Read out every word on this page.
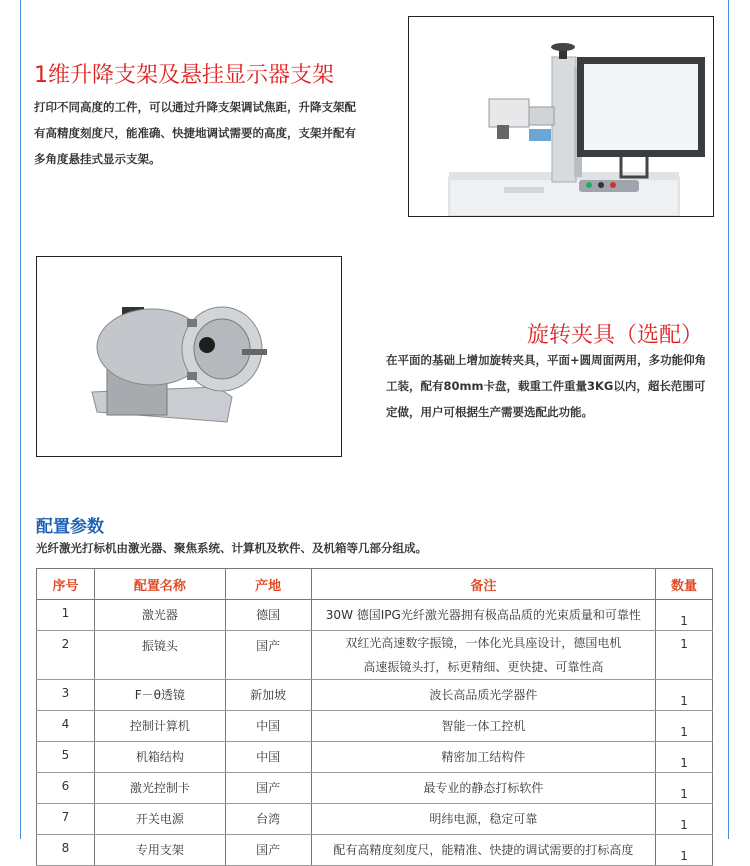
1维升降支架及悬挂显示器支架
打印不同高度的工件，可以通过升降支架调试焦距，升降支架配有高精度刻度尺，能准确、快捷地调试需要的高度，支架并配有多角度悬挂式显示支架。
旋转夹具（选配）
在平面的基础上增加旋转夹具，平面+圆周面两用，多功能仰角工装，配有80mm卡盘，载重工件重量3KG以内，超长范围可定做，用户可根据生产需要选配此功能。
配置参数
光纤激光打标机由激光器、聚焦系统、计算机及软件、及机箱等几部分组成。
序号	配置名称	产地	备注	数量
1	激光器	德国	30W 德国IPG光纤激光器拥有极高品质的光束质量和可靠性	1
2	振镜头	国产	双红光高速数字振镜，一体化光具座设计，德国电机
高速振镜头打，标更精细、更快捷、可靠性高	1
3	F－θ透镜	新加坡	波长高品质光学器件	1
4	控制计算机	中国	智能一体工控机	1
5	机箱结构	中国	精密加工结构件	1
6	激光控制卡	国产	最专业的静态打标软件	1
7	开关电源	台湾	明纬电源，稳定可靠	1
8	专用支架	国产	配有高精度刻度尺，能精准、快捷的调试需要的打标高度	1
